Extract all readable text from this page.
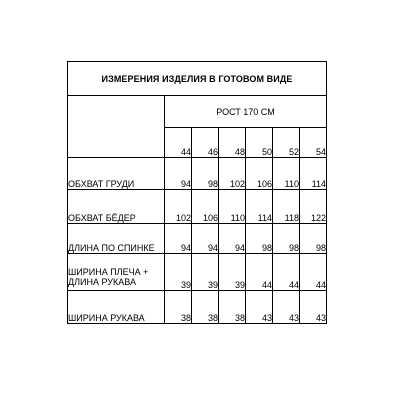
ИЗМЕРЕНИЯ ИЗДЕЛИЯ В ГОТОВОМ ВИДЕ						
	РОСТ 170 СМ					
	44	46	48	50	52	54
ОБХВАТ ГРУДИ	94	98	102	106	110	114
ОБХВАТ БЁДЕР	102	106	110	114	118	122
ДЛИНА ПО СПИНКЕ	94	94	94	98	98	98

ШИРИНА ПЛЕЧА +
ДЛИНА РУКАВА	39	39	39	44	44	44
ШИРИНА РУКАВА	38	38	38	43	43	43
